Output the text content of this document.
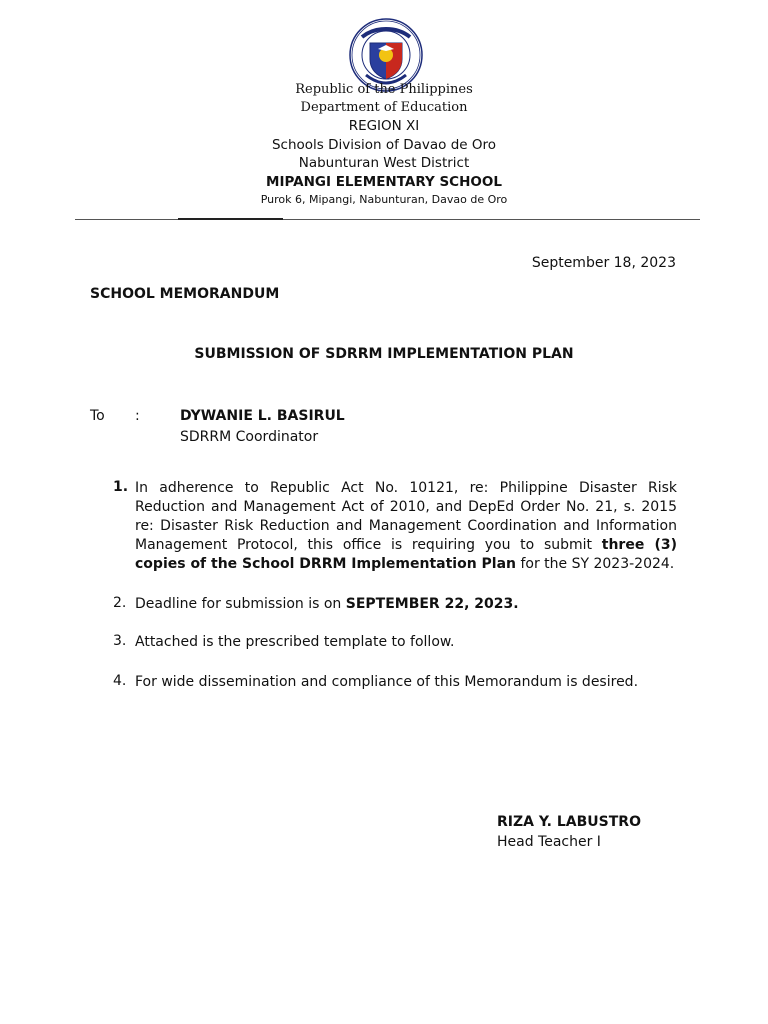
Republic of the Philippines
Department of Education
REGION XI
Schools Division of Davao de Oro
Nabunturan West District
MIPANGI ELEMENTARY SCHOOL
Purok 6, Mipangi, Nabunturan, Davao de Oro
September 18, 2023
SCHOOL MEMORANDUM
SUBMISSION OF SDRRM IMPLEMENTATION PLAN
To :	DYWANIE L. BASIRUL
SDRRM Coordinator
1. In adherence to Republic Act No. 10121, re: Philippine Disaster Risk Reduction and Management Act of 2010, and DepEd Order No. 21, s. 2015 re: Disaster Risk Reduction and Management Coordination and Information Management Protocol, this office is requiring you to submit three (3) copies of the School DRRM Implementation Plan for the SY 2023-2024.
2. Deadline for submission is on SEPTEMBER 22, 2023.
3. Attached is the prescribed template to follow.
4. For wide dissemination and compliance of this Memorandum is desired.
RIZA Y. LABUSTRO
Head Teacher I
